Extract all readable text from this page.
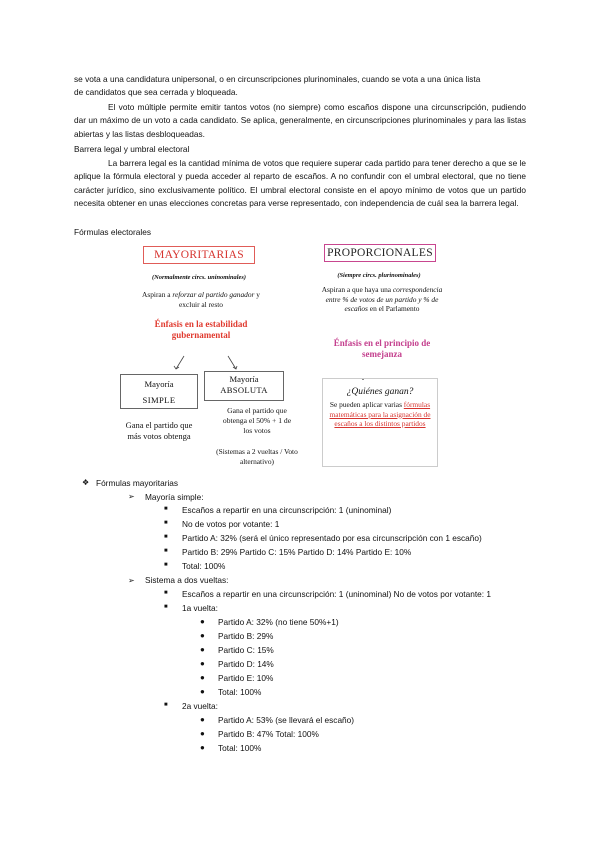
se vota a una candidatura unipersonal, o en circunscripciones plurinominales, cuando se vota a una única lista
de candidatos que sea cerrada y bloqueada.
El voto múltiple permite emitir tantos votos (no siempre) como escaños dispone una circunscripción, pudiendo dar un máximo de un voto a cada candidato. Se aplica, generalmente, en circunscripciones plurinominales y para las listas abiertas y las listas desbloqueadas.
Barrera legal y umbral electoral
La barrera legal es la cantidad mínima de votos que requiere superar cada partido para tener derecho a que se le aplique la fórmula electoral y pueda acceder al reparto de escaños. A no confundir con el umbral electoral, que no tiene carácter jurídico, sino exclusivamente político. El umbral electoral consiste en el apoyo mínimo de votos que un partido necesita obtener en unas elecciones concretas para verse representado, con independencia de cuál sea la barrera legal.
Fórmulas electorales
MAYORITARIAS
(Normalmente circs. uninominales)
Aspiran a reforzar al partido ganador y excluir al resto
Énfasis en la estabilidad gubernamental
Mayoría
SIMPLE
Gana el partido que más votos obtenga
Mayoría
ABSOLUTA
Gana el partido que obtenga el 50% + 1 de los votos
(Sistemas a 2 vueltas / Voto alternativo)
PROPORCIONALES
(Siempre circs. plurinominales)
Aspiran a que haya una correspondencia entre % de votos de un partido y % de escaños en el Parlamento
Énfasis en el principio de semejanza
¿Quiénes ganan?
Se pueden aplicar varias fórmulas matemáticas para la asignación de escaños a los distintos partidos
❖ Fórmulas mayoritarias
➢ Mayoría simple:
■ Escaños a repartir en una circunscripción: 1 (uninominal)
■ No de votos por votante: 1
■ Partido A: 32% (será el único representado por esa circunscripción con 1 escaño)
■ Partido B: 29% Partido C: 15% Partido D: 14% Partido E: 10%
■ Total: 100%
➢ Sistema a dos vueltas:
■ Escaños a repartir en una circunscripción: 1 (uninominal) No de votos por votante: 1
■ 1a vuelta:
● Partido A: 32% (no tiene 50%+1)
● Partido B: 29%
● Partido C: 15%
● Partido D: 14%
● Partido E: 10%
● Total: 100%
■ 2a vuelta:
● Partido A: 53% (se llevará el escaño)
● Partido B: 47% Total: 100%
● Total: 100%
